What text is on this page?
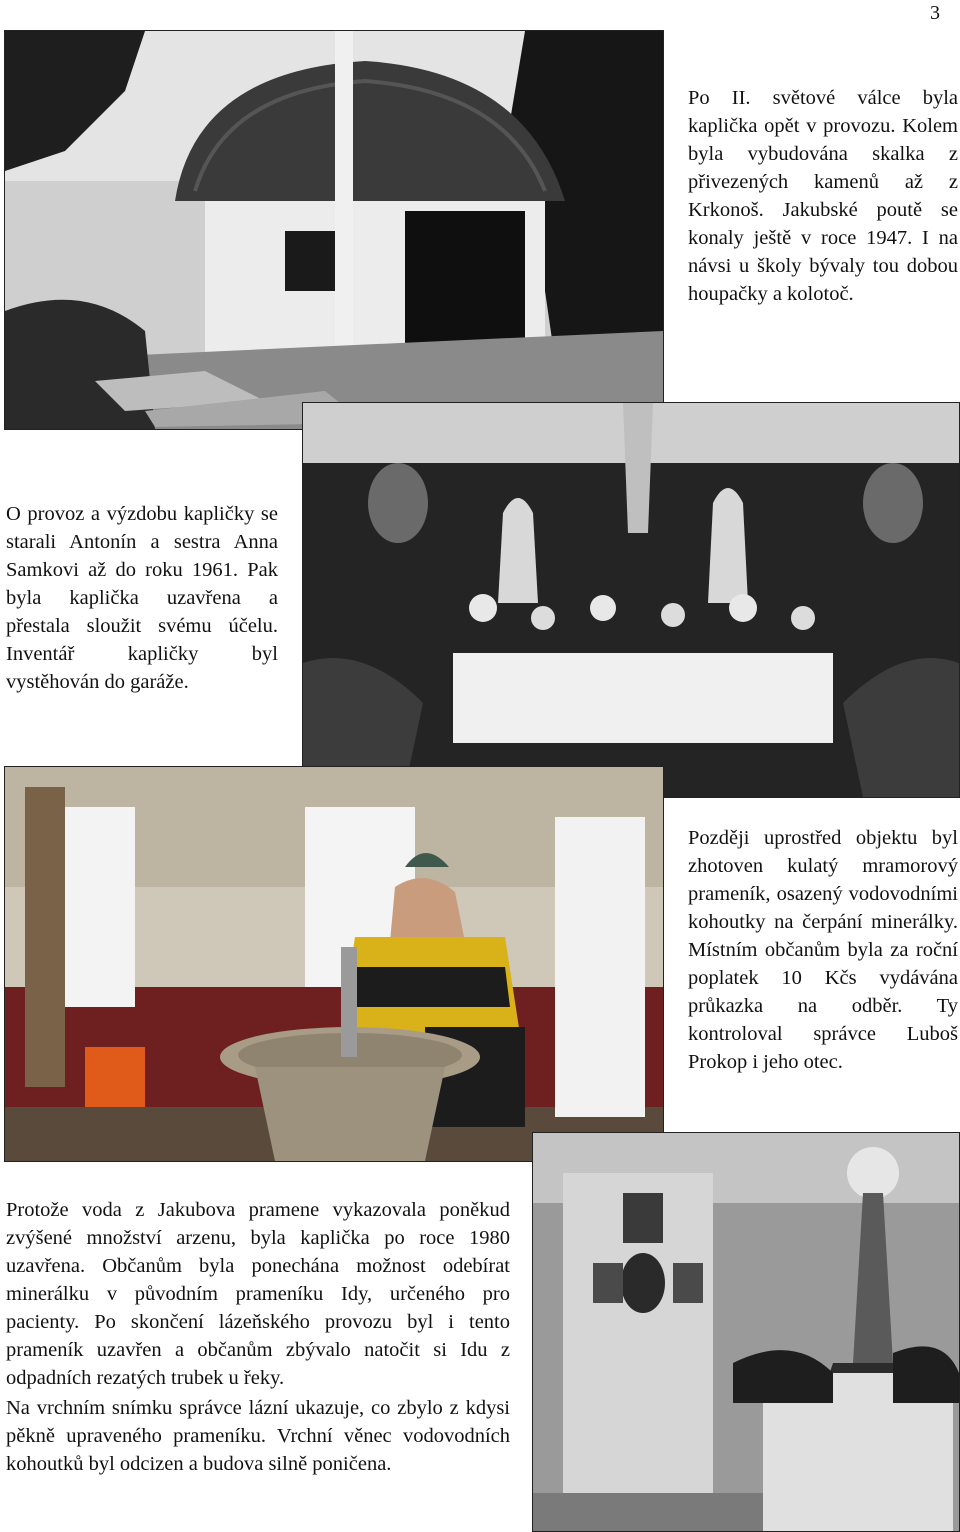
3
Po II. světové válce byla kaplička opět v provozu. Kolem byla vybudována skalka z přivezených kamenů až z Krkonoš. Jakubské poutě se konaly ještě v roce 1947. I na návsi u školy bývaly tou dobou houpačky a kolotoč.
O provoz a výzdobu kapličky se starali Antonín a sestra Anna Samkovi až do roku 1961. Pak byla kaplička uzavřena a přestala sloužit svému účelu. Inventář kapličky byl vystěhován do garáže.
Později uprostřed objektu byl zhotoven kulatý mramorový prameník, osazený vodovodními kohoutky na čerpání minerálky. Místním občanům byla za roční poplatek 10 Kčs vydávána průkazka na odběr. Ty kontroloval správce Luboš Prokop i jeho otec.
Protože voda z Jakubova pramene vykazovala poněkud zvýšené množství arzenu, byla kaplička po roce 1980 uzavřena. Občanům byla ponechána možnost odebírat minerálku v původním prameníku Idy, určeného pro pacienty. Po skončení lázeňského provozu byl i tento prameník uzavřen a občanům zbývalo natočit si Idu z odpadních rezatých trubek u řeky.
Na vrchním snímku správce lázní ukazuje, co zbylo z kdysi pěkně upraveného prameníku. Vrchní věnec vodovodních kohoutků byl odcizen a budova silně poničena.
